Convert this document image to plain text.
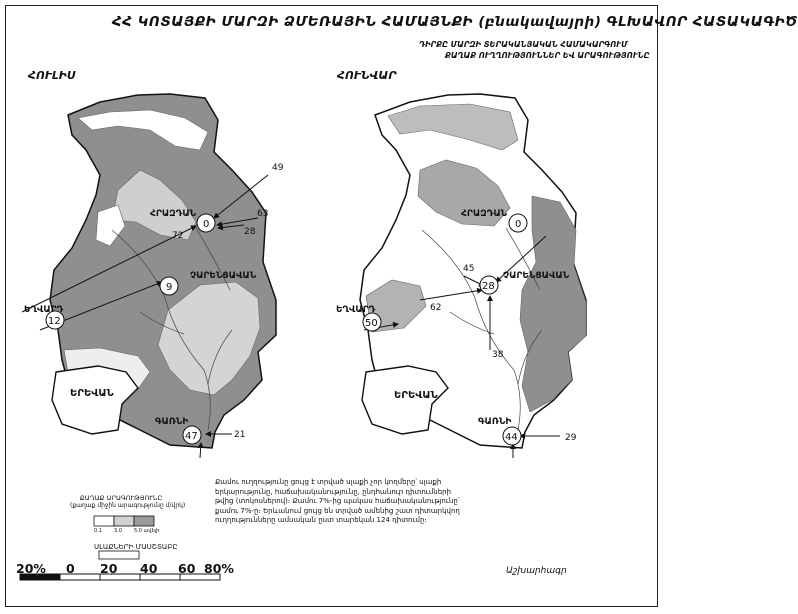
ՀՀ ԿՈՏԱՅՔԻ ՄԱՐԶԻ ՁՄԵՌԱՅԻՆ ՀԱՄԱՅՆՔԻ (բնակավայրի) ԳԼԽԱՎՈՐ ՀԱՏԱԿԱԳԻԾ
ԴԻՐՔԸ ՄԱՐԶԻ ՏԵՐԱԿԱՆՅԱԿԱՆ ՀԱՄԱԿԱՐԳՈՒՄ
ՔԱՂԱՔ ՈՒՂՂՈՒԹՅՈՒՆՆԵՐ ԵՎ ԱՐԱԳՈՒԹՅՈՒՆԸ
ՀՈՒԼԻՍ	ՀՈՒՆՎԱՐ
ՀՐԱԶԴԱՆ
0
ՉԱՐԵՆՑԱՎԱՆ
9
ԵՂՎԱՐԴ
12
ԳԱՌՆԻ
47
ԵՐԵՎԱՆ
49
63
28
72
21
ՀՐԱԶԴԱՆ
0
ՉԱՐԵՆՑԱՎԱՆ
28
ԵՂՎԱՐԴ
50
ԳԱՌՆԻ
44
ԵՐԵՎԱՆ
45
62
38
29
0.1 3.0 5.0 ավելի
ՔԱՂԱՔ ԱՐԱԳՈՒԹՅՈՒՆԸ
(քաղաք միջին արագությունը մ/վրկ)
Քամու ուղղությունը ցույց է տրված սլաքի չոր կողմերը՝ սլաքի երկարությունը, հաճախականությունը, ընդհանուր դիտումների թվից (տոկոսներով)։ Քամու 7%-ից պակաս հաճախականությունը՝ քամու 7%-ը։ Երևանում ցույց են տրված ամենից շատ դիտարկվող ուղղությունները ամսական ըստ տարեկան 124 դիտումը։
ՍԼԱՔՆԵՐԻ ՄԱՍՇՏԱԲԸ
20% 0 20 40 60 80%	Աշխարհագր
